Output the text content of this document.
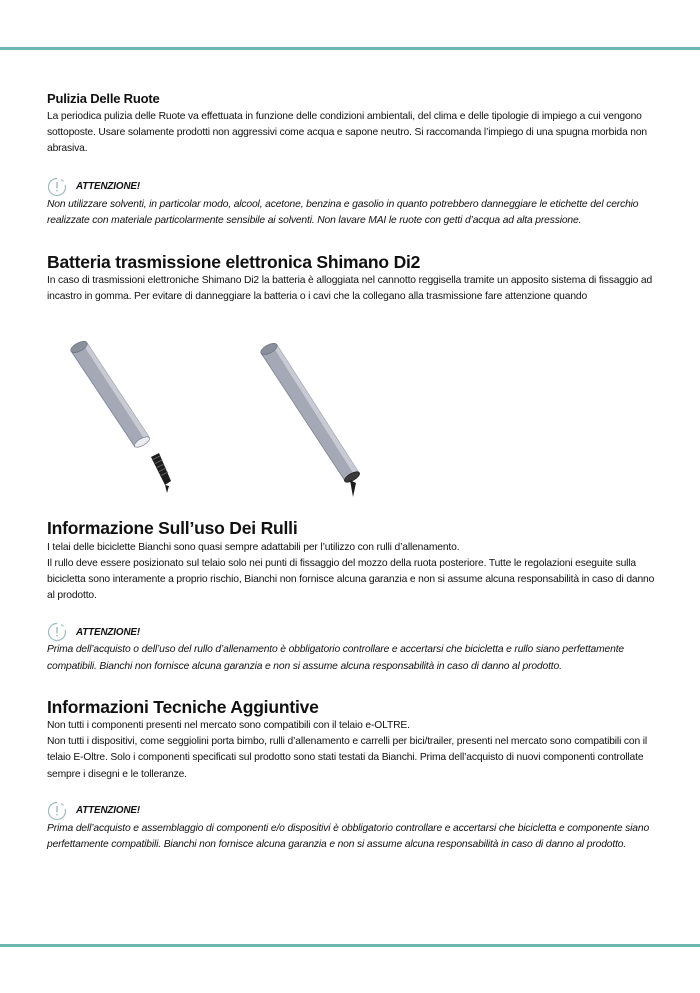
Pulizia Delle Ruote

La periodica pulizia delle Ruote va effettuata in funzione delle condizioni ambientali, del clima e delle tipologie di impiego a cui vengono sottoposte. Usare solamente prodotti non aggressivi come acqua e sapone neutro. Si raccomanda l’impiego di una spugna morbida non abrasiva.

ATTENZIONE!

Non utilizzare solventi, in particolar modo, alcool, acetone, benzina e gasolio in quanto potrebbero danneggiare le etichette del cerchio realizzate con materiale particolarmente sensibile ai solventi. Non lavare MAI le ruote con getti d’acqua ad alta pressione.

Batteria trasmissione elettronica Shimano Di2

In caso di trasmissioni elettroniche Shimano Di2 la batteria è alloggiata nel cannotto reggisella tramite un apposito sistema di fissaggio ad incastro in gomma. Per evitare di danneggiare la batteria o i cavi che la collegano alla trasmissione fare attenzione quando

Informazione Sull’uso Dei Rulli

I telai delle biciclette Bianchi sono quasi sempre adattabili per l’utilizzo con rulli d’allenamento.

Il rullo deve essere posizionato sul telaio solo nei punti di fissaggio del mozzo della ruota posteriore. Tutte le regolazioni eseguite sulla bicicletta sono interamente a proprio rischio, Bianchi non fornisce alcuna garanzia e non si assume alcuna responsabilità in caso di danno al prodotto.

ATTENZIONE!

Prima dell’acquisto o dell’uso del rullo d’allenamento è obbligatorio controllare e accertarsi che bicicletta e rullo siano perfettamente compatibili. Bianchi non fornisce alcuna garanzia e non si assume alcuna responsabilità in caso di danno al prodotto.

Informazioni Tecniche Aggiuntive

Non tutti i componenti presenti nel mercato sono compatibili con il telaio e-OLTRE.

Non tutti i dispositivi, come seggiolini porta bimbo, rulli d’allenamento e carrelli per bici/trailer, presenti nel mercato sono compatibili con il telaio E-Oltre. Solo i componenti specificati sul prodotto sono stati testati da Bianchi. Prima dell’acquisto di nuovi componenti controllate sempre i disegni e le tolleranze.

ATTENZIONE!

Prima dell’acquisto e assemblaggio di componenti e/o dispositivi è obbligatorio controllare e accertarsi che bicicletta e componente siano perfettamente compatibili. Bianchi non fornisce alcuna garanzia e non si assume alcuna responsabilità in caso di danno al prodotto.
